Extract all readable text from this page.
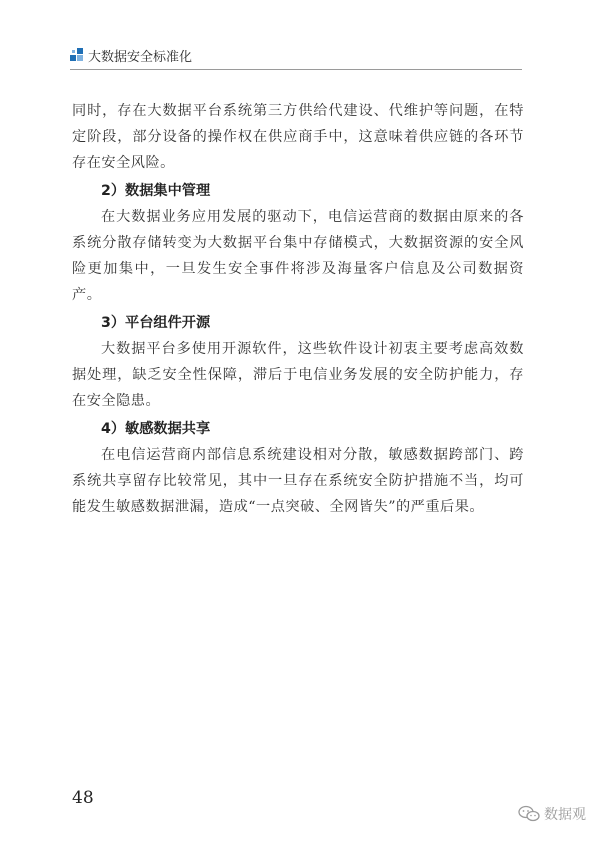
大数据安全标准化

同时，存在大数据平台系统第三方供给代建设、代维护等问题，在特定阶段，部分设备的操作权在供应商手中，这意味着供应链的各环节存在安全风险。

2）数据集中管理

在大数据业务应用发展的驱动下，电信运营商的数据由原来的各系统分散存储转变为大数据平台集中存储模式，大数据资源的安全风险更加集中，一旦发生安全事件将涉及海量客户信息及公司数据资产。

3）平台组件开源

大数据平台多使用开源软件，这些软件设计初衷主要考虑高效数据处理，缺乏安全性保障，滞后于电信业务发展的安全防护能力，存在安全隐患。

4）敏感数据共享

在电信运营商内部信息系统建设相对分散，敏感数据跨部门、跨系统共享留存比较常见，其中一旦存在系统安全防护措施不当，均可能发生敏感数据泄漏，造成“一点突破、全网皆失”的严重后果。

48
数据观
